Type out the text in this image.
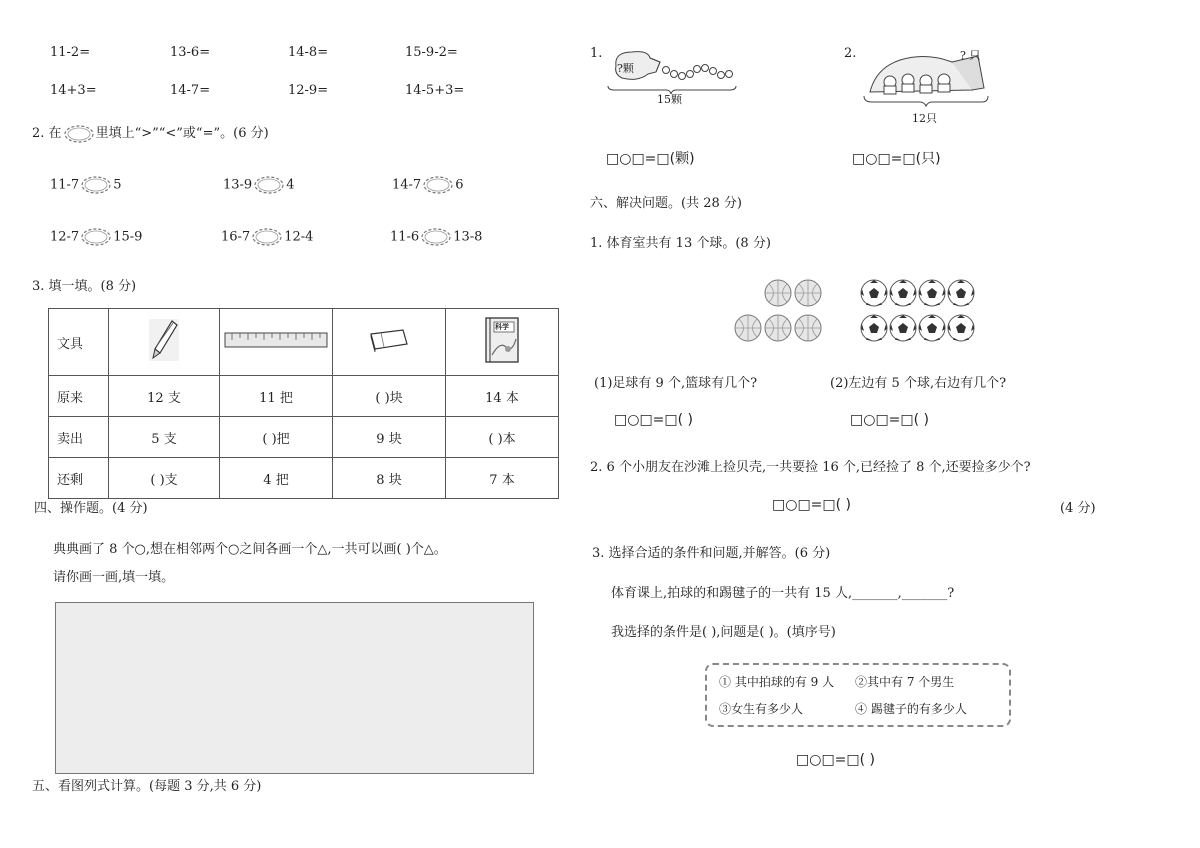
11-2=	13-6=	14-8=	15-9-2=
14+3=	14-7=	12-9=	14-5+3=
2. 在	里填上“>”“<”或“=”。(6 分)
11-7	5	13-9	4	14-7	6
12-7	15-9	16-7	12-4	11-6	13-8
3. 填一填。(8 分)
文具				科学

原来	12 支	11 把	( )块	14 本
卖出	5 支	( )把	9 块	( )本
还剩	( )支	4 把	8 块	7 本
四、操作题。(4 分)
典典画了 8 个○,想在相邻两个○之间各画一个△,一共可以画( )个△。
请你画一画,填一填。
五、看图列式计算。(每题 3 分,共 6 分)
1.
?颗
15颗
□○□=□(颗)
2.	? 只
12只
□○□=□(只)
六、解决问题。(共 28 分)
1. 体育室共有 13 个球。(8 分)
(1)足球有 9 个,篮球有几个?	(2)左边有 5 个球,右边有几个?
□○□=□( )	□○□=□( )
2. 6 个小朋友在沙滩上捡贝壳,一共要捡 16 个,已经捡了 8 个,还要捡多少个?
□○□=□( )	(4 分)
3. 选择合适的条件和问题,并解答。(6 分)
体育课上,拍球的和踢毽子的一共有 15 人,_______,_______?
我选择的条件是( ),问题是( )。(填序号)
① 其中拍球的有 9 人 ②其中有 7 个男生
③女生有多少人	④ 踢毽子的有多少人
□○□=□( )
